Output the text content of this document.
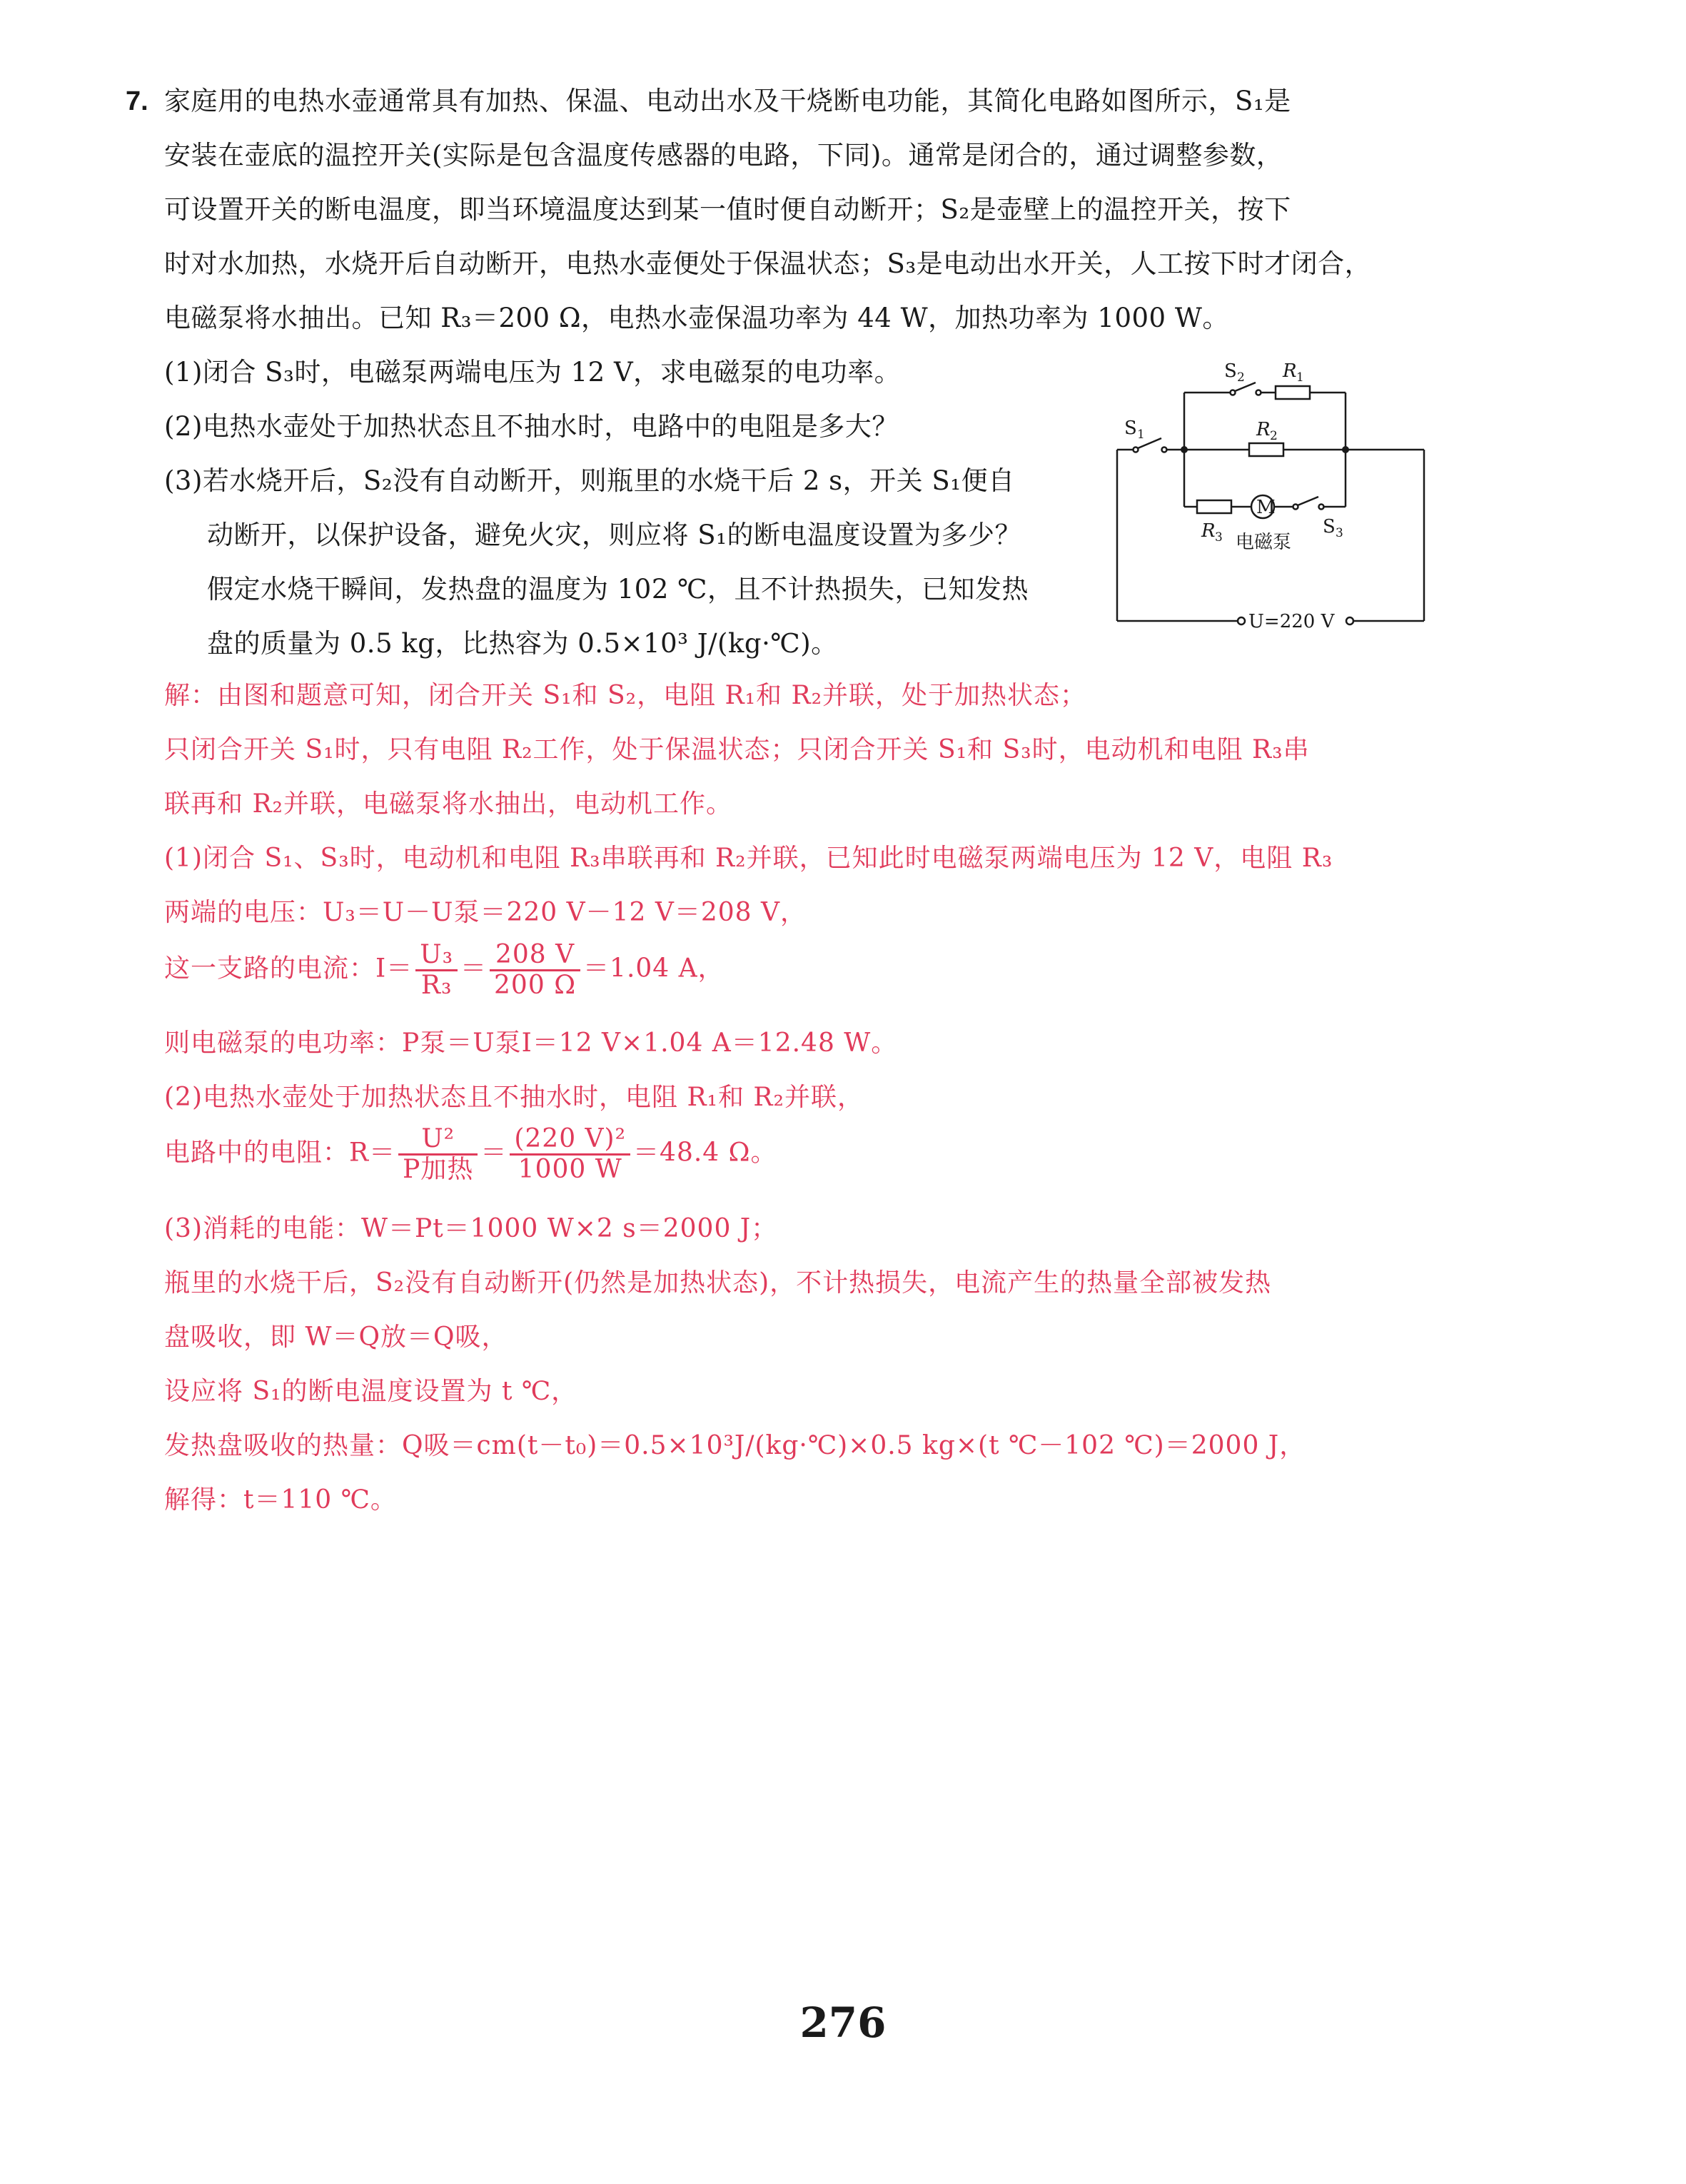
7. 家庭用的电热水壶通常具有加热、保温、电动出水及干烧断电功能，其简化电路如图所示，S₁是
安装在壶底的温控开关(实际是包含温度传感器的电路，下同)。通常是闭合的，通过调整参数，
可设置开关的断电温度，即当环境温度达到某一值时便自动断开；S₂是壶壁上的温控开关，按下
时对水加热，水烧开后自动断开，电热水壶便处于保温状态；S₃是电动出水开关，人工按下时才闭合，
电磁泵将水抽出。已知 R₃＝200 Ω，电热水壶保温功率为 44 W，加热功率为 1000 W。
(1)闭合 S₃时，电磁泵两端电压为 12 V，求电磁泵的电功率。
(2)电热水壶处于加热状态且不抽水时，电路中的电阻是多大？
(3)若水烧开后，S₂没有自动断开，则瓶里的水烧干后 2 s，开关 S₁便自
动断开，以保护设备，避免火灾，则应将 S₁的断电温度设置为多少？
假定水烧干瞬间，发热盘的温度为 102 ℃，且不计热损失，已知发热
盘的质量为 0.5 kg，比热容为 0.5×10³ J/(kg·℃)。
S 1
S 2 R 1
R 2
R 3
M
电磁泵
S 3
U=220 V
解：由图和题意可知，闭合开关 S₁和 S₂，电阻 R₁和 R₂并联，处于加热状态；
只闭合开关 S₁时，只有电阻 R₂工作，处于保温状态；只闭合开关 S₁和 S₃时，电动机和电阻 R₃串
联再和 R₂并联，电磁泵将水抽出，电动机工作。
(1)闭合 S₁、S₃时，电动机和电阻 R₃串联再和 R₂并联，已知此时电磁泵两端电压为 12 V，电阻 R₃
两端的电压：U₃＝U－U泵＝220 V－12 V＝208 V，
这一支路的电流：$I= \frac{\text{U₃}}{\text{R₃}} = \frac{208 V}{200 \Omega} =1.04$ A，
则电磁泵的电功率：P泵＝U泵I＝12 V×1.04 A＝12.48 W。
(2)电热水壶处于加热状态且不抽水时，电阻 R₁和 R₂并联，
电路中的电阻：$R= \frac{\text{U²}}{\text{P加热}} = \frac{\text{(220 V)²}}{1000 W} =48.4$ Ω。
(3)消耗的电能：W＝Pt＝1000 W×2 s＝2000 J；
瓶里的水烧干后，S₂没有自动断开(仍然是加热状态)，不计热损失，电流产生的热量全部被发热
盘吸收，即 W＝Q放＝Q吸，
设应将 S₁的断电温度设置为 t ℃，
发热盘吸收的热量：Q吸＝cm(t－t₀)＝0.5×10³J/(kg·℃)×0.5 kg×(t ℃－102 ℃)＝2000 J，
解得：t＝110 ℃。
276
